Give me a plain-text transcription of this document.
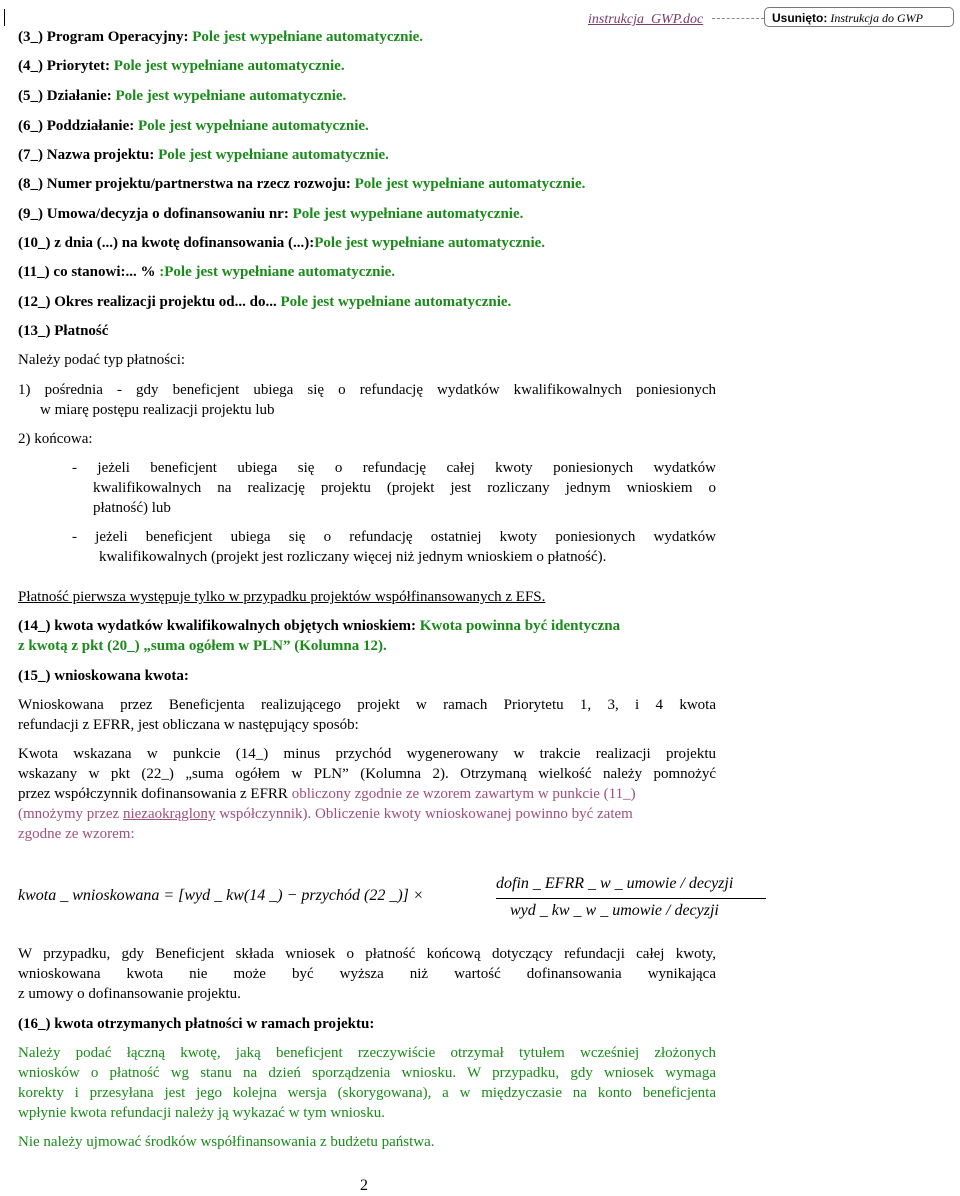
instrukcja_GWP.doc	Usunięto: Instrukcja do GWP

(3_) Program Operacyjny: Pole jest wypełniane automatycznie.

(4_) Priorytet: Pole jest wypełniane automatycznie.

(5_) Działanie: Pole jest wypełniane automatycznie.

(6_) Poddziałanie: Pole jest wypełniane automatycznie.

(7_) Nazwa projektu: Pole jest wypełniane automatycznie.

(8_) Numer projektu/partnerstwa na rzecz rozwoju: Pole jest wypełniane automatycznie.

(9_) Umowa/decyzja o dofinansowaniu nr: Pole jest wypełniane automatycznie.

(10_) z dnia (...) na kwotę dofinansowania (...):Pole jest wypełniane automatycznie.

(11_) co stanowi:... % :Pole jest wypełniane automatycznie.

(12_) Okres realizacji projektu od... do... Pole jest wypełniane automatycznie.

(13_) Płatność

Należy podać typ płatności:

1) pośrednia - gdy beneficjent ubiega się o refundację wydatków kwalifikowalnych poniesionych

w miarę postępu realizacji projektu lub

2) końcowa:

- jeżeli beneficjent ubiega się o refundację całej kwoty poniesionych wydatków

kwalifikowalnych na realizację projektu (projekt jest rozliczany jednym wnioskiem o

płatność) lub

- jeżeli beneficjent ubiega się o refundację ostatniej kwoty poniesionych wydatków

kwalifikowalnych (projekt jest rozliczany więcej niż jednym wnioskiem o płatność).

Płatność pierwsza występuje tylko w przypadku projektów współfinansowanych z EFS.

(14_) kwota wydatków kwalifikowalnych objętych wnioskiem: Kwota powinna być identyczna

z kwotą z pkt (20_) „suma ogółem w PLN” (Kolumna 12).

(15_) wnioskowana kwota:

Wnioskowana przez Beneficjenta realizującego projekt w ramach Priorytetu 1, 3, i 4 kwota

refundacji z EFRR, jest obliczana w następujący sposób:

Kwota wskazana w punkcie (14_) minus przychód wygenerowany w trakcie realizacji projektu

wskazany w pkt (22_) „suma ogółem w PLN” (Kolumna 2). Otrzymaną wielkość należy pomnożyć

przez współczynnik dofinansowania z EFRR obliczony zgodnie ze wzorem zawartym w punkcie (11_)

(mnożymy przez niezaokrąglony współczynnik). Obliczenie kwoty wnioskowanej powinno być zatem

zgodne ze wzorem:

kwota _ wnioskowana = [wyd _ kw(14 _) − przychód (22 _)] ×
dofin _ EFRR _ w _ umowie / decyzji
wyd _ kw _ w _ umowie / decyzji

W przypadku, gdy Beneficjent składa wniosek o płatność końcową dotyczący refundacji całej kwoty,

wnioskowana kwota nie może być wyższa niż wartość dofinansowania wynikająca

z umowy o dofinansowanie projektu.

(16_) kwota otrzymanych płatności w ramach projektu:

Należy podać łączną kwotę, jaką beneficjent rzeczywiście otrzymał tytułem wcześniej złożonych

wniosków o płatność wg stanu na dzień sporządzenia wniosku. W przypadku, gdy wniosek wymaga

korekty i przesyłana jest jego kolejna wersja (skorygowana), a w międzyczasie na konto beneficjenta

wpłynie kwota refundacji należy ją wykazać w tym wniosku.

Nie należy ujmować środków współfinansowania z budżetu państwa.

2
